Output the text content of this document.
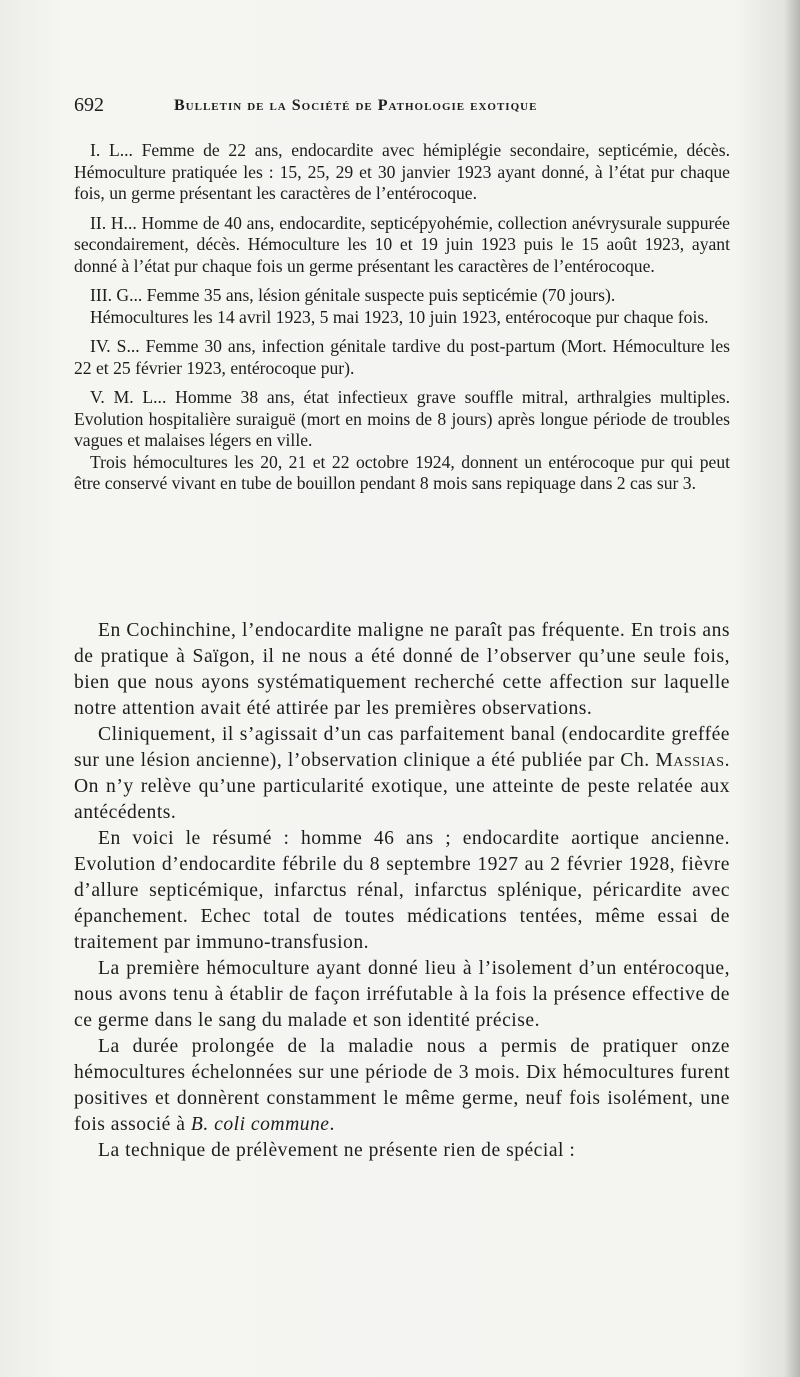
692	Bulletin de la Société de Pathologie exotique

I. L... Femme de 22 ans, endocardite avec hémiplégie secondaire, septicémie, décès. Hémoculture pratiquée les : 15, 25, 29 et 30 janvier 1923 ayant donné, à l’état pur chaque fois, un germe présentant les caractères de l’entérocoque.

II. H... Homme de 40 ans, endocardite, septicépyohémie, collection anévrysurale suppurée secondairement, décès. Hémoculture les 10 et 19 juin 1923 puis le 15 août 1923, ayant donné à l’état pur chaque fois un germe présentant les caractères de l’entérocoque.

III. G... Femme 35 ans, lésion génitale suspecte puis septicémie (70 jours).
Hémocultures les 14 avril 1923, 5 mai 1923, 10 juin 1923, entérocoque pur chaque fois.

IV. S... Femme 30 ans, infection génitale tardive du post-partum (Mort. Hémoculture les 22 et 25 février 1923, entérocoque pur).

V. M. L... Homme 38 ans, état infectieux grave souffle mitral, arthralgies multiples. Evolution hospitalière suraiguë (mort en moins de 8 jours) après longue période de troubles vagues et malaises légers en ville.
Trois hémocultures les 20, 21 et 22 octobre 1924, donnent un entérocoque pur qui peut être conservé vivant en tube de bouillon pendant 8 mois sans repiquage dans 2 cas sur 3.

En Cochinchine, l’endocardite maligne ne paraît pas fréquente. En trois ans de pratique à Saïgon, il ne nous a été donné de l’observer qu’une seule fois, bien que nous ayons systématiquement recherché cette affection sur laquelle notre attention avait été attirée par les premières observations.

Cliniquement, il s’agissait d’un cas parfaitement banal (endocardite greffée sur une lésion ancienne), l’observation clinique a été publiée par Ch. Massias. On n’y relève qu’une particularité exotique, une atteinte de peste relatée aux antécédents.

En voici le résumé : homme 46 ans ; endocardite aortique ancienne. Evolution d’endocardite fébrile du 8 septembre 1927 au 2 février 1928, fièvre d’allure septicémique, infarctus rénal, infarctus splénique, péricardite avec épanchement. Echec total de toutes médications tentées, même essai de traitement par immuno-transfusion.

La première hémoculture ayant donné lieu à l’isolement d’un entérocoque, nous avons tenu à établir de façon irréfutable à la fois la présence effective de ce germe dans le sang du malade et son identité précise.

La durée prolongée de la maladie nous a permis de pratiquer onze hémocultures échelonnées sur une période de 3 mois. Dix hémocultures furent positives et donnèrent constamment le même germe, neuf fois isolément, une fois associé à B. coli commune.

La technique de prélèvement ne présente rien de spécial :
